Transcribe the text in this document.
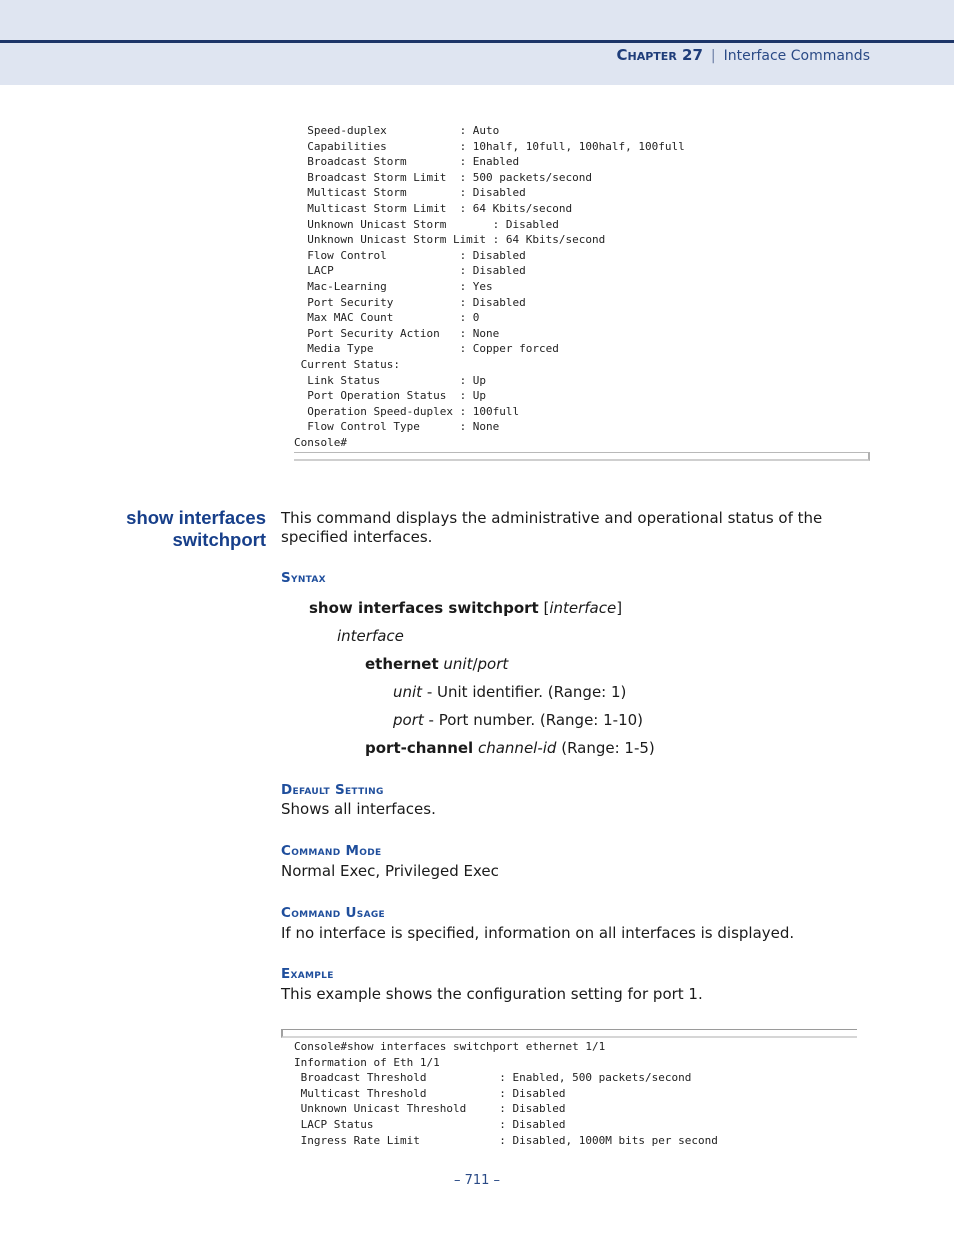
Chapter 27 | Interface Commands
Speed-duplex           : Auto
Capabilities           : 10half, 10full, 100half, 100full
Broadcast Storm        : Enabled
Broadcast Storm Limit  : 500 packets/second
Multicast Storm        : Disabled
Multicast Storm Limit  : 64 Kbits/second
Unknown Unicast Storm       : Disabled
Unknown Unicast Storm Limit : 64 Kbits/second
Flow Control           : Disabled
LACP                   : Disabled
Mac-Learning           : Yes
Port Security          : Disabled
Max MAC Count          : 0
Port Security Action   : None
Media Type             : Copper forced
Current Status:
Link Status            : Up
Port Operation Status  : Up
Operation Speed-duplex : 100full
Flow Control Type      : None
Console#
show interfaces
switchport
This command displays the administrative and operational status of the
specified interfaces.
Syntax
show interfaces switchport [interface]
interface
ethernet unit/port
unit - Unit identifier. (Range: 1)
port - Port number. (Range: 1-10)
port-channel channel-id (Range: 1-5)
Default Setting
Shows all interfaces.
Command Mode
Normal Exec, Privileged Exec
Command Usage
If no interface is specified, information on all interfaces is displayed.
Example
This example shows the configuration setting for port 1.
Console#show interfaces switchport ethernet 1/1
Information of Eth 1/1
Broadcast Threshold           : Enabled, 500 packets/second
Multicast Threshold           : Disabled
Unknown Unicast Threshold     : Disabled
LACP Status                   : Disabled
Ingress Rate Limit            : Disabled, 1000M bits per second
– 711 –
